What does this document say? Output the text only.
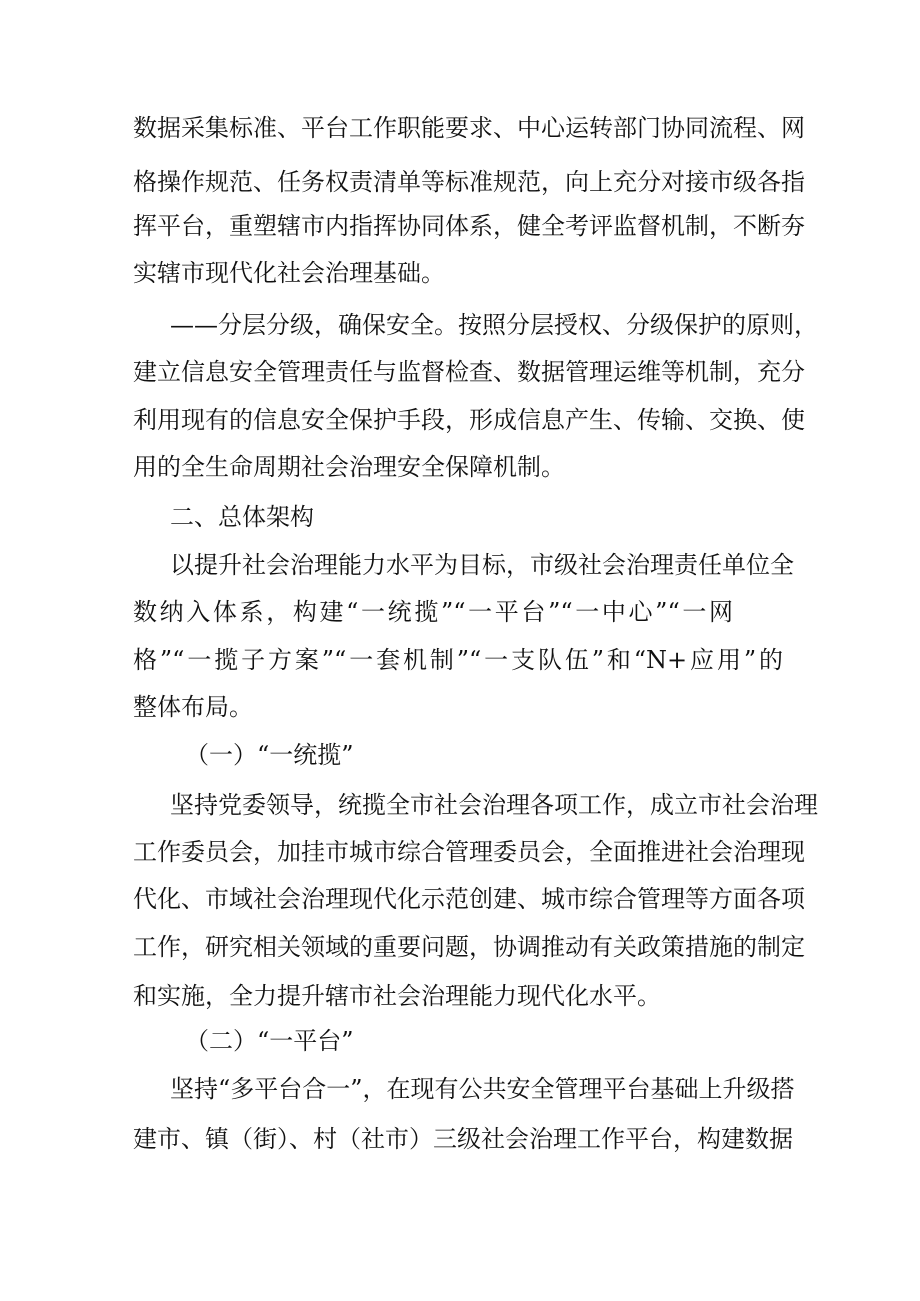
数据采集标准、平台工作职能要求、中心运转部门协同流程、网
格操作规范、任务权责清单等标准规范，向上充分对接市级各指
挥平台，重塑辖市内指挥协同体系，健全考评监督机制，不断夯
实辖市现代化社会治理基础。
——分层分级，确保安全。按照分层授权、分级保护的原则，
建立信息安全管理责任与监督检查、数据管理运维等机制，充分
利用现有的信息安全保护手段，形成信息产生、传输、交换、使
用的全生命周期社会治理安全保障机制。
二、总体架构
以提升社会治理能力水平为目标，市级社会治理责任单位全
数纳入体系，构建“一统揽”“一平台”“一中心”“一网
格”“一揽子方案”“一套机制”“一支队伍”和“N+应用”的
整体布局。
（一）“一统揽”
坚持党委领导，统揽全市社会治理各项工作，成立市社会治理
工作委员会，加挂市城市综合管理委员会，全面推进社会治理现
代化、市域社会治理现代化示范创建、城市综合管理等方面各项
工作，研究相关领域的重要问题，协调推动有关政策措施的制定
和实施，全力提升辖市社会治理能力现代化水平。
（二）“一平台”
坚持“多平台合一”，在现有公共安全管理平台基础上升级搭
建市、镇（街）、村（社市）三级社会治理工作平台，构建数据
